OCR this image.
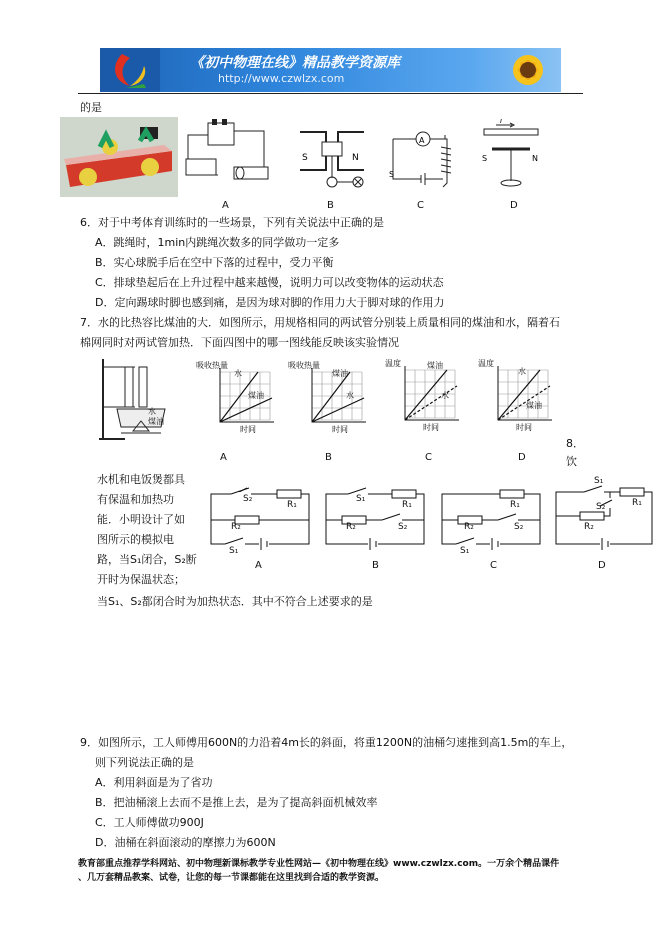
《初中物理在线》精品教学资源库
http://www.czwlzx.com
的是
A
S	N
B
A
S
C
I
S	N
D
6．对于中考体育训练时的一些场景，下列有关说法中正确的是
A．跳绳时，1min内跳绳次数多的同学做功一定多
B．实心球脱手后在空中下落的过程中，受力平衡
C．排球垫起后在上升过程中越来越慢，说明力可以改变物体的运动状态
D．定向踢球时脚也感到痛，是因为球对脚的作用力大于脚对球的作用力
7．水的比热容比煤油的大．如图所示，用规格相同的两试管分别装上质量相同的煤油和水，隔着石
棉网同时对两试管加热．下面四图中的哪一图线能反映该实验情况
水
煤油
吸收热量
水
煤油
时间
A
吸收热量
煤油
水
时间
B
温度	煤油
水
时间
C
温度
水
煤油
时间
D
8．
饮
水机和电饭煲都具
有保温和加热功
能．小明设计了如
图所示的模拟电
路，当S₁闭合，S₂断
开时为保温状态；
当S₁、S₂都闭合时为加热状态．其中不符合上述要求的是
S₂
R₁
R₂
S₁
A
S₁
R₁
R₂	S₂
B
R₁
R₂	S₂
S₁
C
S₁
R₁
S₂
R₂
D
9．如图所示，工人师傅用600N的力沿着4m长的斜面，将重1200N的油桶匀速推到高1.5m的车上，
则下列说法正确的是
A．利用斜面是为了省功
B．把油桶滚上去而不是推上去，是为了提高斜面机械效率
C．工人师傅做功900J
D．油桶在斜面滚动的摩擦力为600N
教育部重点推荐学科网站、初中物理新课标教学专业性网站—《初中物理在线》www.czwlzx.com。一万余个精品课件
、几万套精品教案、试卷，让您的每一节课都能在这里找到合适的教学资源。
